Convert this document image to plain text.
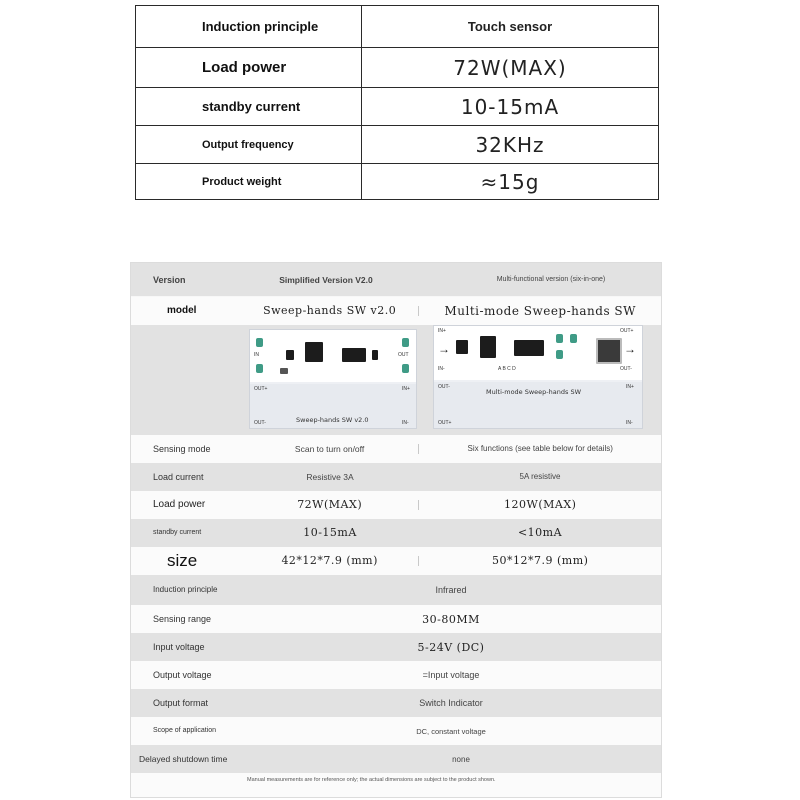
Induction principle	Touch sensor
Load power	72W(MAX)
standby current	10-15mA
Output frequency	32KHz
Product weight	≈15g
Version	Simplified Version V2.0	Multi-functional version (six-in-one)
model	Sweep-hands SW v2.0	Multi-mode Sweep-hands SW
IN	OUT
OUT+	IN+
OUT-	IN-
Sweep-hands SW v2.0
→	→
IN+
IN-
OUT+
OUT-
A B C D
OUT-	IN+
OUT+	IN-
Multi-mode Sweep-hands SW
Sensing mode	Scan to turn on/off	Six functions (see table below for details)
Load current	Resistive 3A	5A resistive
Load power	72W(MAX)	120W(MAX)
standby current	10-15mA	<10mA
size	42*12*7.9 (mm)	50*12*7.9 (mm)
Induction principle	Infrared
Sensing range	30-80MM
Input voltage	5-24V (DC)
Output voltage	=Input voltage
Output format	Switch Indicator
Scope of application	DC, constant voltage
Delayed shutdown time	none
Manual measurements are for reference only; the actual dimensions are subject to the product shown.
